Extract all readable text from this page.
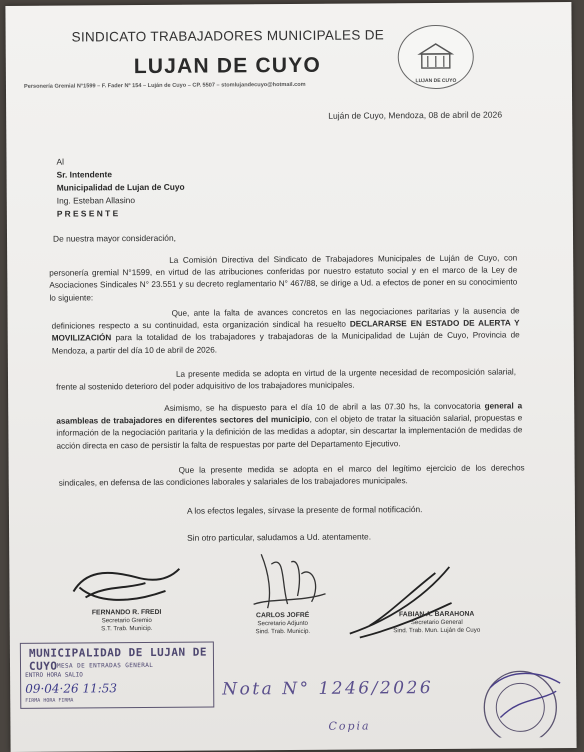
SINDICATO TRABAJADORES MUNICIPALES DE
LUJAN DE CUYO
Personería Gremial N°1599 – F. Fader Nº 154 – Luján de Cuyo – CP. 5507 – stomlujandecuyo@hotmail.com
LUJAN DE CUYO
Luján de Cuyo, Mendoza, 08 de abril de 2026
Al
Sr. Intendente
Municipalidad de Lujan de Cuyo
Ing. Esteban Allasino
P R E S E N T E
De nuestra mayor consideración,
La Comisión Directiva del Sindicato de Trabajadores Municipales de Luján de Cuyo, con personería gremial N°1599, en virtud de las atribuciones conferidas por nuestro estatuto social y en el marco de la Ley de Asociaciones Sindicales N° 23.551 y su decreto reglamentario N° 467/88, se dirige a Ud. a efectos de poner en su conocimiento lo siguiente:
Que, ante la falta de avances concretos en las negociaciones paritarias y la ausencia de definiciones respecto a su continuidad, esta organización sindical ha resuelto DECLARARSE EN ESTADO DE ALERTA Y MOVILIZACIÓN para la totalidad de los trabajadores y trabajadoras de la Municipalidad de Luján de Cuyo, Provincia de Mendoza, a partir del día 10 de abril de 2026.
La presente medida se adopta en virtud de la urgente necesidad de recomposición salarial, frente al sostenido deterioro del poder adquisitivo de los trabajadores municipales.
Asimismo, se ha dispuesto para el día 10 de abril a las 07.30 hs, la convocatoria general a asambleas de trabajadores en diferentes sectores del municipio, con el objeto de tratar la situación salarial, propuestas e información de la negociación paritaria y la definición de las medidas a adoptar, sin descartar la implementación de medidas de acción directa en caso de persistir la falta de respuestas por parte del Departamento Ejecutivo.
Que la presente medida se adopta en el marco del legítimo ejercicio de los derechos sindicales, en defensa de las condiciones laborales y salariales de los trabajadores municipales.
A los efectos legales, sírvase la presente de formal notificación.
Sin otro particular, saludamos a Ud. atentamente.
FERNANDO R. FREDI
Secretario Gremio
S.T. Trab. Municip.
CARLOS JOFRÉ
Secretario Adjunto
Sind. Trab. Municip.
FABIAN A. BARAHONA
Secretario General
Sind. Trab. Mun. Luján de Cuyo
MUNICIPALIDAD DE LUJAN DE CUYO MESA DE ENTRADAS GENERAL
ENTRO HORA SALIO
09·04·26 11:53
FIRMA HORA FIRMA
Nota N° 1246/2026
Copia
